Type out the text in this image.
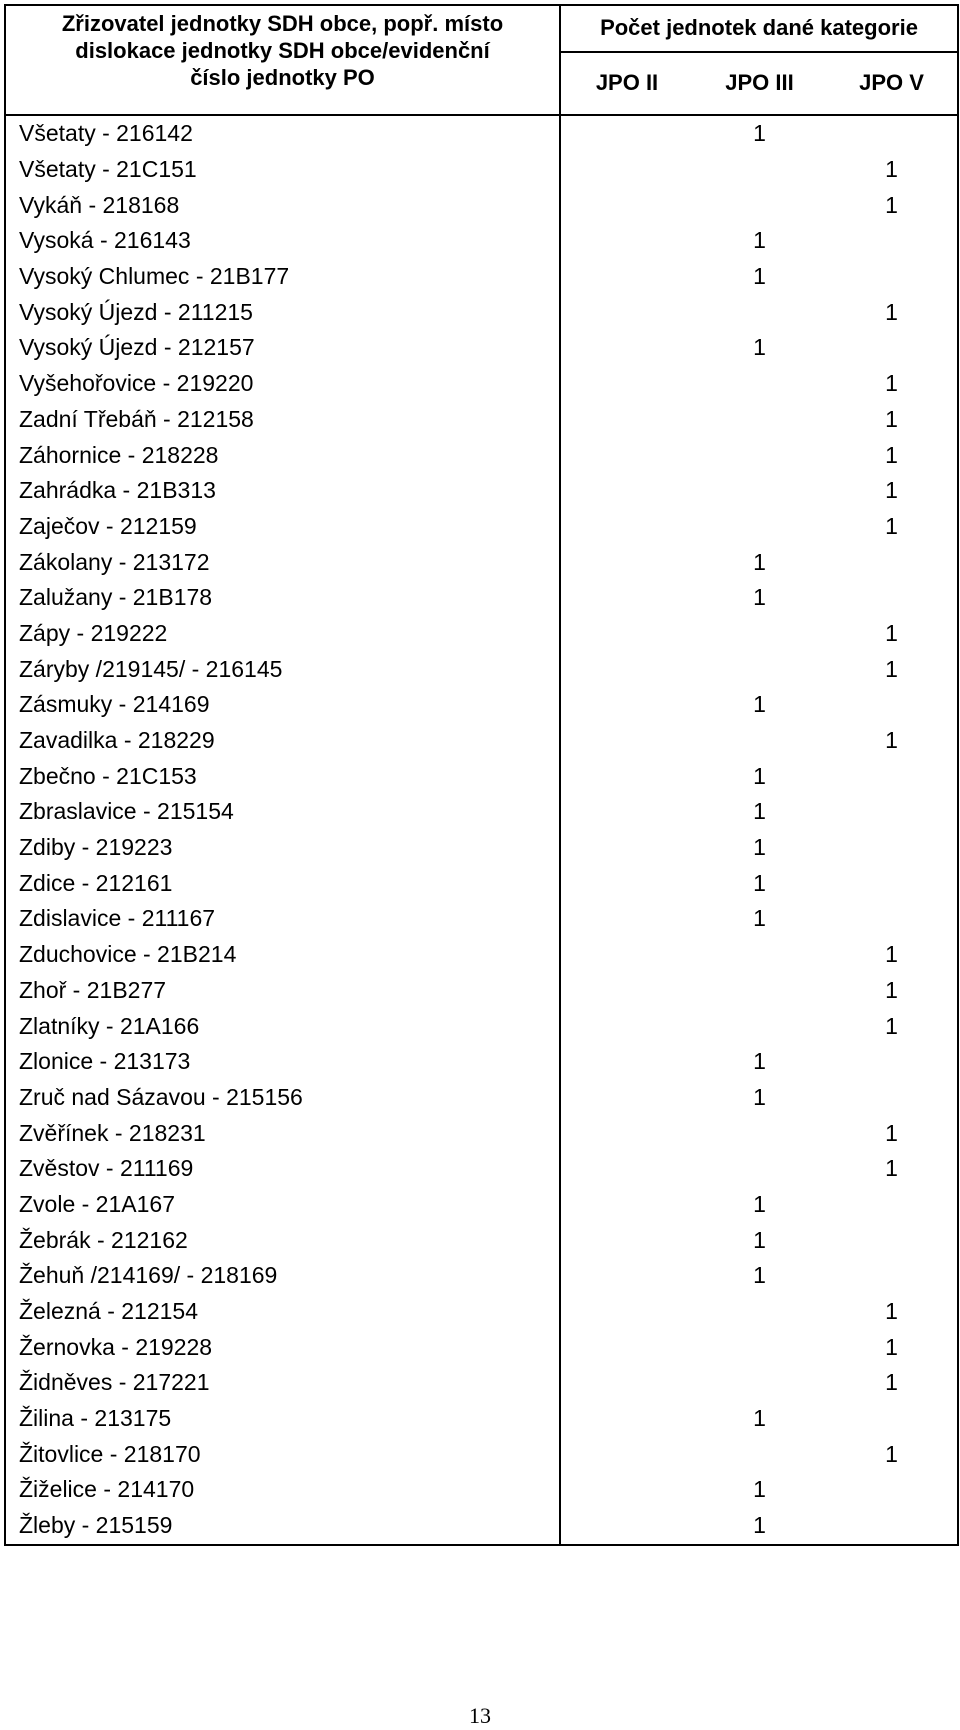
Zřizovatel jednotky SDH obce, popř. místo
dislokace jednotky SDH obce/evidenční
číslo jednotky PO	Počet jednotek dané kategorie		
	JPO II	JPO III	JPO V
Všetaty - 216142		1	
Všetaty - 21C151			1
Vykáň - 218168			1
Vysoká - 216143		1	
Vysoký Chlumec - 21B177		1	
Vysoký Újezd - 211215			1
Vysoký Újezd - 212157		1	
Vyšehořovice - 219220			1
Zadní Třebáň - 212158			1
Záhornice - 218228			1
Zahrádka - 21B313			1
Zaječov - 212159			1
Zákolany - 213172		1	
Zalužany - 21B178		1	
Zápy - 219222			1
Záryby /219145/ - 216145			1
Zásmuky - 214169		1	
Zavadilka - 218229			1
Zbečno - 21C153		1	
Zbraslavice - 215154		1	
Zdiby - 219223		1	
Zdice - 212161		1	
Zdislavice - 211167		1	
Zduchovice - 21B214			1
Zhoř - 21B277			1
Zlatníky - 21A166			1
Zlonice - 213173		1	
Zruč nad Sázavou - 215156		1	
Zvěřínek - 218231			1
Zvěstov - 211169			1
Zvole - 21A167		1	
Žebrák - 212162		1	
Žehuň /214169/ - 218169		1	
Železná - 212154			1
Žernovka - 219228			1
Židněves - 217221			1
Žilina - 213175		1	
Žitovlice - 218170			1
Žiželice - 214170		1	
Žleby - 215159		1	
13
